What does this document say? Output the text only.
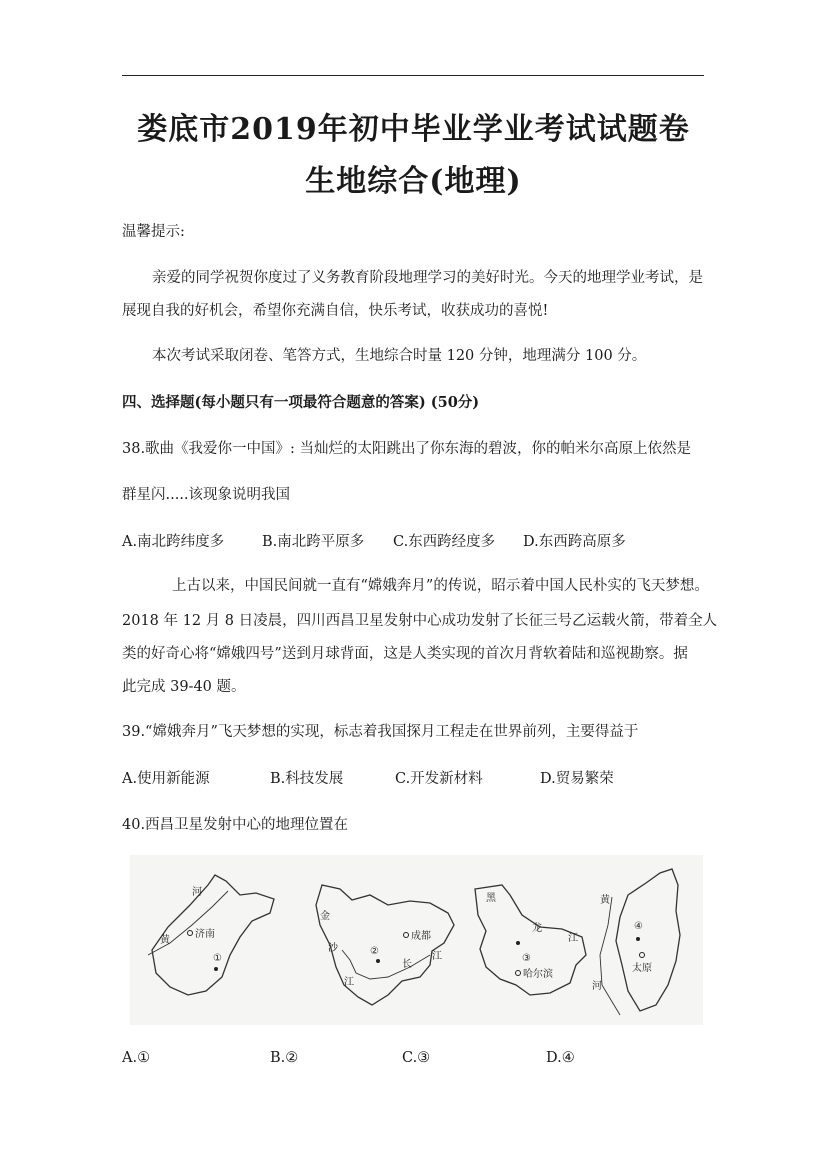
娄底市2019年初中毕业学业考试试题卷
生地综合(地理)
温馨提示:
亲爱的同学祝贺你度过了义务教育阶段地理学习的美好时光。今天的地理学业考试，是
展现自我的好机会，希望你充满自信，快乐考试，收获成功的喜悦!
本次考试采取闭卷、笔答方式，生地综合时量 120 分钟，地理满分 100 分。
四、选择题(每小题只有一项最符合题意的答案) (50分)
38.歌曲《我爱你一中国》: 当灿烂的太阳跳出了你东海的碧波，你的帕米尔高原上依然是
群星闪.....该现象说明我国
A.南北跨纬度多	B.南北跨平原多 C.东西跨经度多 D.东西跨高原多
上古以来，中国民间就一直有“嫦娥奔月”的传说，昭示着中国人民朴实的飞天梦想。
2018 年 12 月 8 日凌晨，四川西昌卫星发射中心成功发射了长征三号乙运载火箭，带着全人
类的好奇心将“嫦娥四号”送到月球背面，这是人类实现的首次月背软着陆和巡视勘察。据
此完成 39-40 题。
39.“嫦娥奔月”飞天梦想的实现，标志着我国探月工程走在世界前列，主要得益于
A.使用新能源	B.科技发展	C.开发新材料	D.贸易繁荣
40.西昌卫星发射中心的地理位置在
河
黄
济南
①
金
沙
江
成都
②
长
江
黑
龙
江
③
哈尔滨
黄
④
太原
河
A.①	B.②	C.③	D.④
